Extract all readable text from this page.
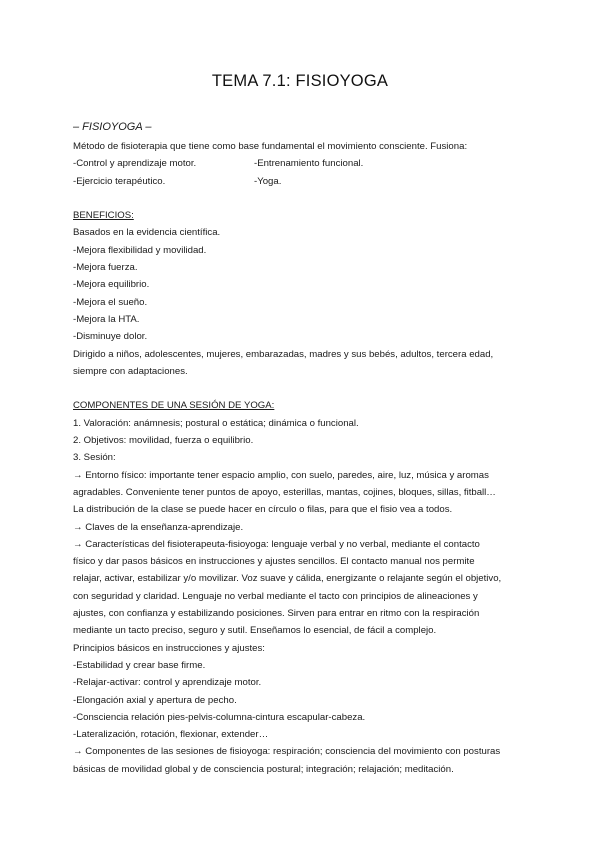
TEMA 7.1: FISIOYOGA
– FISIOYOGA –
Método de fisioterapia que tiene como base fundamental el movimiento consciente. Fusiona:
-Control y aprendizaje motor.	-Entrenamiento funcional.
-Ejercicio terapéutico.	-Yoga.
BENEFICIOS:
Basados en la evidencia científica.
-Mejora flexibilidad y movilidad.
-Mejora fuerza.
-Mejora equilibrio.
-Mejora el sueño.
-Mejora la HTA.
-Disminuye dolor.
Dirigido a niños, adolescentes, mujeres, embarazadas, madres y sus bebés, adultos, tercera edad,
siempre con adaptaciones.
COMPONENTES DE UNA SESIÓN DE YOGA:
1. Valoración: anámnesis; postural o estática; dinámica o funcional.
2. Objetivos: movilidad, fuerza o equilibrio.
3. Sesión:
→ Entorno físico: importante tener espacio amplio, con suelo, paredes, aire, luz, música y aromas
agradables. Conveniente tener puntos de apoyo, esterillas, mantas, cojines, bloques, sillas, fitball…
La distribución de la clase se puede hacer en círculo o filas, para que el fisio vea a todos.
→ Claves de la enseñanza-aprendizaje.
→ Características del fisioterapeuta-fisioyoga: lenguaje verbal y no verbal, mediante el contacto
físico y dar pasos básicos en instrucciones y ajustes sencillos. El contacto manual nos permite
relajar, activar, estabilizar y/o movilizar. Voz suave y cálida, energizante o relajante según el objetivo,
con seguridad y claridad. Lenguaje no verbal mediante el tacto con principios de alineaciones y
ajustes, con confianza y estabilizando posiciones. Sirven para entrar en ritmo con la respiración
mediante un tacto preciso, seguro y sutil. Enseñamos lo esencial, de fácil a complejo.
Principios básicos en instrucciones y ajustes:
-Estabilidad y crear base firme.
-Relajar-activar: control y aprendizaje motor.
-Elongación axial y apertura de pecho.
-Consciencia relación pies-pelvis-columna-cintura escapular-cabeza.
-Lateralización, rotación, flexionar, extender…
→ Componentes de las sesiones de fisioyoga: respiración; consciencia del movimiento con posturas
básicas de movilidad global y de consciencia postural; integración; relajación; meditación.
